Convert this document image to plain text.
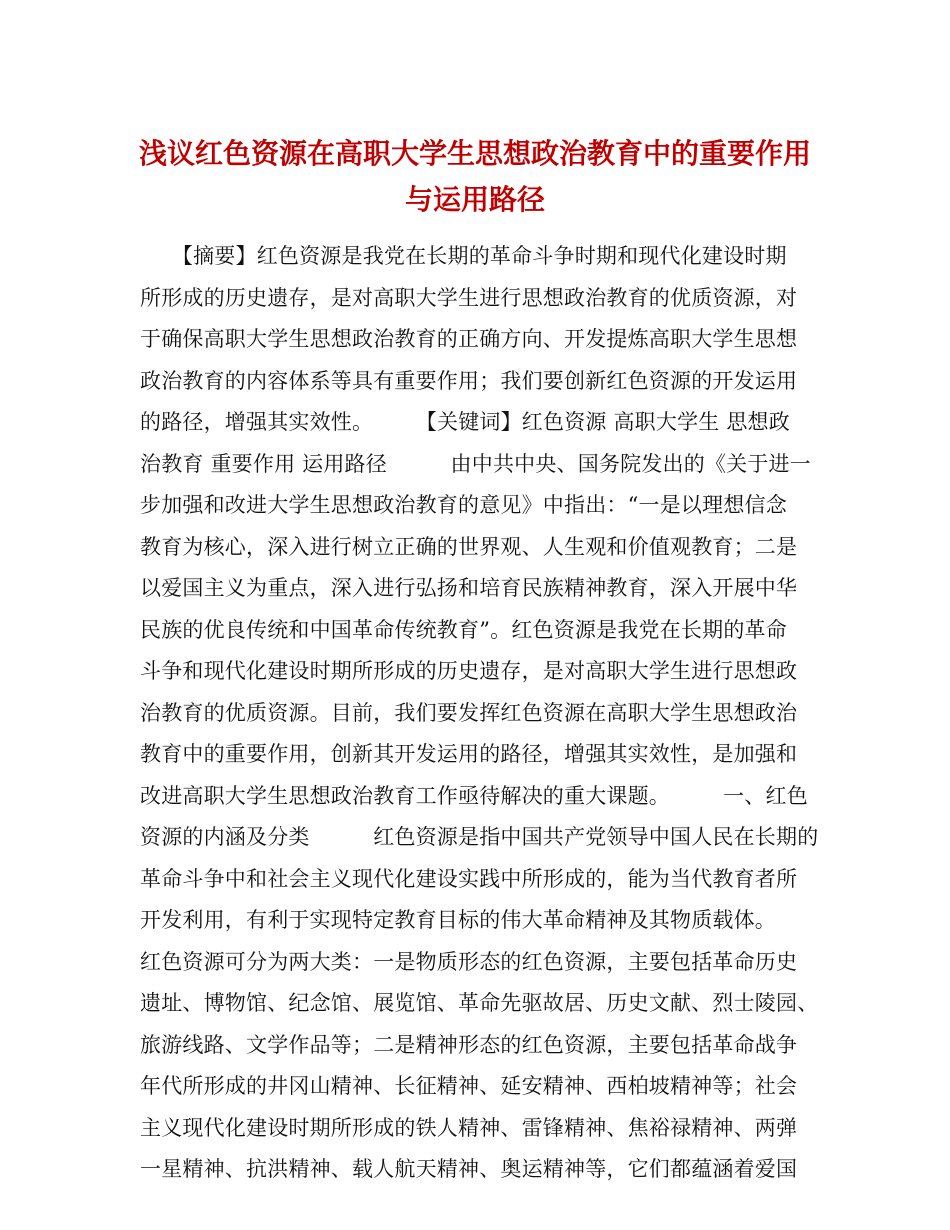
浅议红色资源在高职大学生思想政治教育中的重要作用
与运用路径
　　【摘要】红色资源是我党在长期的革命斗争时期和现代化建设时期
所形成的历史遗存，是对高职大学生进行思想政治教育的优质资源，对
于确保高职大学生思想政治教育的正确方向、开发提炼高职大学生思想
政治教育的内容体系等具有重要作用；我们要创新红色资源的开发运用
的路径，增强其实效性。　　　【关键词】红色资源 高职大学生 思想政
治教育 重要作用 运用路径　　　由中共中央、国务院发出的《关于进一
步加强和改进大学生思想政治教育的意见》中指出：“一是以理想信念
教育为核心，深入进行树立正确的世界观、人生观和价值观教育；二是
以爱国主义为重点，深入进行弘扬和培育民族精神教育，深入开展中华
民族的优良传统和中国革命传统教育”。红色资源是我党在长期的革命
斗争和现代化建设时期所形成的历史遗存，是对高职大学生进行思想政
治教育的优质资源。目前，我们要发挥红色资源在高职大学生思想政治
教育中的重要作用，创新其开发运用的路径，增强其实效性，是加强和
改进高职大学生思想政治教育工作亟待解决的重大课题。　　　一、红色
资源的内涵及分类　　　红色资源是指中国共产党领导中国人民在长期的
革命斗争中和社会主义现代化建设实践中所形成的，能为当代教育者所
开发利用，有利于实现特定教育目标的伟大革命精神及其物质载体。
红色资源可分为两大类：一是物质形态的红色资源，主要包括革命历史
遗址、博物馆、纪念馆、展览馆、革命先驱故居、历史文献、烈士陵园、
旅游线路、文学作品等；二是精神形态的红色资源，主要包括革命战争
年代所形成的井冈山精神、长征精神、延安精神、西柏坡精神等；社会
主义现代化建设时期所形成的铁人精神、雷锋精神、焦裕禄精神、两弹
一星精神、抗洪精神、载人航天精神、奥运精神等，它们都蕴涵着爱国
